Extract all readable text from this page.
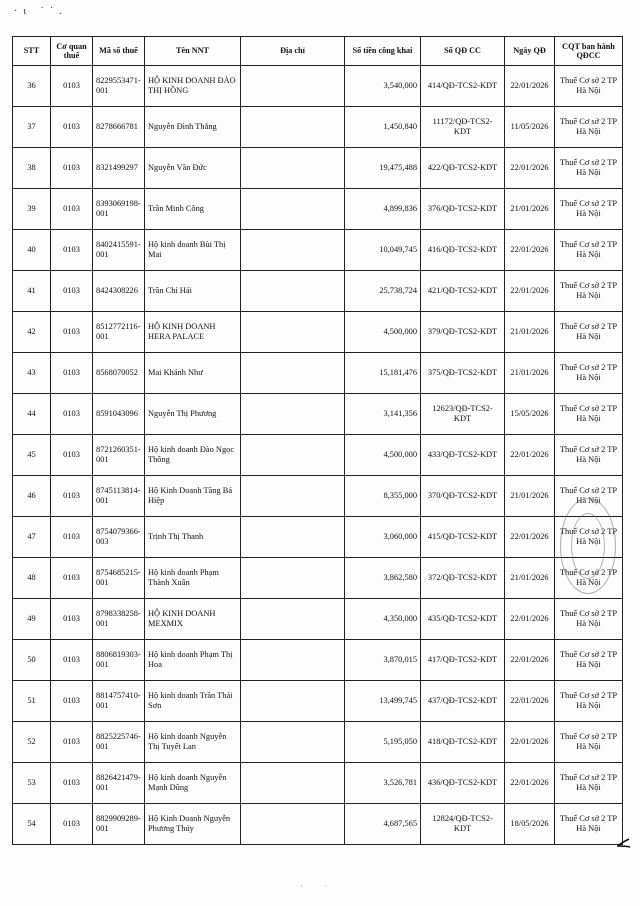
·ι ˙˙.
STT	Cơ quan thuế	Mã số thuế	Tên NNT	Địa chỉ	Số tiền công khai	Số QĐ CC	Ngày QĐ	CQT ban hành QĐCC
36	0103	8229553471-001	HỘ KINH DOANH ĐÀO THỊ HỒNG		3,540,000	414/QĐ-TCS2-KDT	22/01/2026	Thuế Cơ sở 2 TP Hà Nội
37	0103	8278666781	Nguyễn Đình Thắng		1,450,840	11172/QĐ-TCS2-KDT	11/05/2026	Thuế Cơ sở 2 TP Hà Nội
38	0103	8321499297	Nguyễn Văn Đức		19,475,488	422/QĐ-TCS2-KDT	22/01/2026	Thuế Cơ sở 2 TP Hà Nội
39	0103	8393069198-001	Trần Minh Công		4,899,836	376/QĐ-TCS2-KDT	21/01/2026	Thuế Cơ sở 2 TP Hà Nội
40	0103	8402415591-001	Hộ kinh doanh Bùi Thị Mai		10,049,745	416/QĐ-TCS2-KDT	22/01/2026	Thuế Cơ sở 2 TP Hà Nội
41	0103	8424308226	Trần Chí Hải		25,738,724	421/QĐ-TCS2-KDT	22/01/2026	Thuế Cơ sở 2 TP Hà Nội
42	0103	8512772116-001	HỘ KINH DOANH HERA PALACE		4,500,000	379/QĐ-TCS2-KDT	21/01/2026	Thuế Cơ sở 2 TP Hà Nội
43	0103	8568070052	Mai Khánh Như		15,181,476	375/QĐ-TCS2-KDT	21/01/2026	Thuế Cơ sở 2 TP Hà Nội
44	0103	8591043096	Nguyễn Thị Phương		3,141,356	12623/QĐ-TCS2-KDT	15/05/2026	Thuế Cơ sở 2 TP Hà Nội
45	0103	8721260351-001	Hộ kinh doanh Đào Ngọc Thông		4,500,000	433/QĐ-TCS2-KDT	22/01/2026	Thuế Cơ sở 2 TP Hà Nội
46	0103	8745113814-001	Hộ Kinh Doanh Tăng Bá Hiệp		8,355,000	370/QĐ-TCS2-KDT	21/01/2026	Thuế Cơ sở 2 TP Hà Nội
47	0103	8754079366-003	Trịnh Thị Thanh		3,060,000	415/QĐ-TCS2-KDT	22/01/2026	Thuế Cơ sở 2 TP Hà Nội
48	0103	8754685215-001	Hộ kinh doanh Phạm Thành Xuân		3,862,580	372/QĐ-TCS2-KDT	21/01/2026	Thuế Cơ sở 2 TP Hà Nội
49	0103	8798338258-001	HỘ KINH DOANH MEXMIX		4,350,000	435/QĐ-TCS2-KDT	22/01/2026	Thuế Cơ sở 2 TP Hà Nội
50	0103	8806819303-001	Hộ kinh doanh Phạm Thị Hoa		3,870,015	417/QĐ-TCS2-KDT	22/01/2026	Thuế Cơ sở 2 TP Hà Nội
51	0103	8814757410-001	Hộ kinh doanh Trần Thái Sơn		13,499,745	437/QĐ-TCS2-KDT	22/01/2026	Thuế Cơ sở 2 TP Hà Nội
52	0103	8825225746-001	Hộ kinh doanh Nguyễn Thị Tuyết Lan		5,195,050	418/QĐ-TCS2-KDT	22/01/2026	Thuế Cơ sở 2 TP Hà Nội
53	0103	8826421479-001	Hộ kinh doanh Nguyễn Mạnh Dũng		3,526,781	436/QĐ-TCS2-KDT	22/01/2026	Thuế Cơ sở 2 TP Hà Nội
54	0103	8829909289-001	Hộ Kinh Doanh Nguyễn Phương Thúy		4,687,565	12824/QĐ-TCS2-KDT	18/05/2026	Thuế Cơ sở 2 TP Hà Nội
· ·
